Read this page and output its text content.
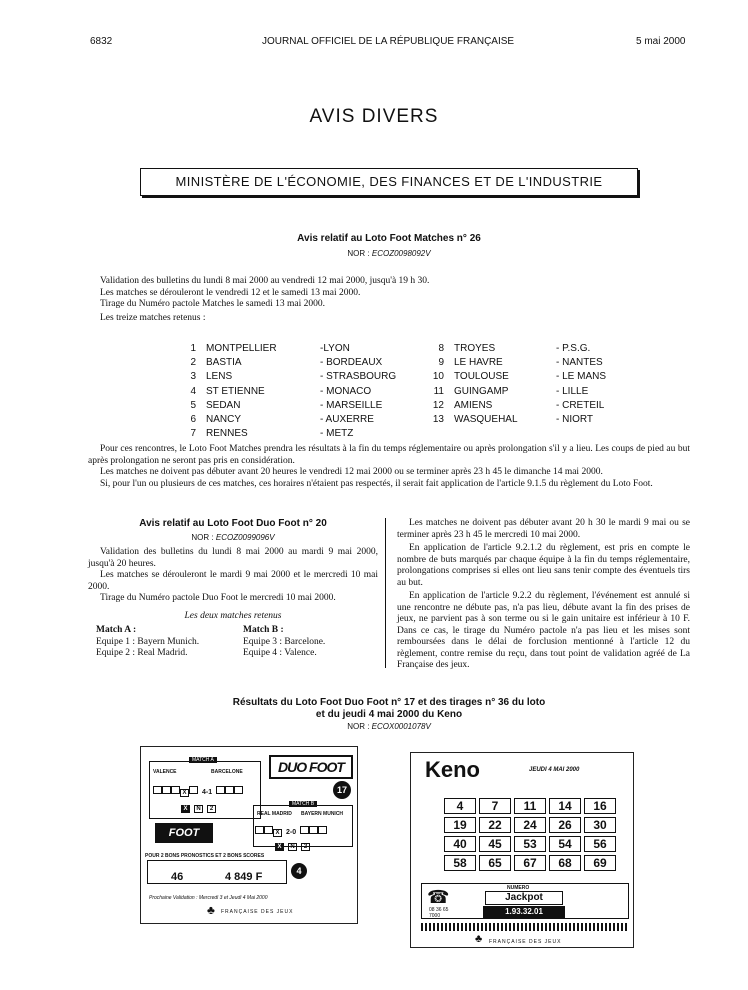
6832	JOURNAL OFFICIEL DE LA RÉPUBLIQUE FRANÇAISE	5 mai 2000
AVIS DIVERS
MINISTÈRE DE L'ÉCONOMIE, DES FINANCES ET DE L'INDUSTRIE
Avis relatif au Loto Foot Matches n° 26
NOR : ECOZ0098092V
Validation des bulletins du lundi 8 mai 2000 au vendredi 12 mai 2000, jusqu'à 19 h 30.
Les matches se dérouleront le vendredi 12 et le samedi 13 mai 2000.
Tirage du Numéro pactole Matches le samedi 13 mai 2000.
Les treize matches retenus :
1	MONTPELLIER	-LYON	8	TROYES	- P.S.G.
2	BASTIA	- BORDEAUX	9	LE HAVRE	- NANTES
3	LENS	- STRASBOURG	10	TOULOUSE	- LE MANS
4	ST ETIENNE	- MONACO	11	GUINGAMP	- LILLE
5	SEDAN	- MARSEILLE	12	AMIENS	- CRETEIL
6	NANCY	- AUXERRE	13	WASQUEHAL	- NIORT
7	RENNES	- METZ			
Pour ces rencontres, le Loto Foot Matches prendra les résultats à la fin du temps réglementaire ou après prolongation s'il y a lieu. Les coups de pied au but après prolongation ne seront pas pris en considération.
Les matches ne doivent pas débuter avant 20 heures le vendredi 12 mai 2000 ou se terminer après 23 h 45 le dimanche 14 mai 2000.
Si, pour l'un ou plusieurs de ces matches, ces horaires n'étaient pas respectés, il serait fait application de l'article 9.1.5 du règlement du Loto Foot.
Avis relatif au Loto Foot Duo Foot n° 20
NOR : ECOZ0099096V
Validation des bulletins du lundi 8 mai 2000 au mardi 9 mai 2000, jusqu'à 20 heures.
Les matches se dérouleront le mardi 9 mai 2000 et le mercredi 10 mai 2000.
Tirage du Numéro pactole Duo Foot le mercredi 10 mai 2000.
Les deux matches retenus
Match A :
Equipe 1 : Bayern Munich.
Equipe 2 : Real Madrid.
Match B :
Equipe 3 : Barcelone.
Equipe 4 : Valence.
Les matches ne doivent pas débuter avant 20 h 30 le mardi 9 mai ou se terminer après 23 h 45 le mercredi 10 mai 2000.
En application de l'article 9.2.1.2 du règlement, est pris en compte le nombre de buts marqués par chaque équipe à la fin du temps réglementaire, prolongations comprises si elles ont lieu sans tenir compte des éventuels tirs au but.
En application de l'article 9.2.2 du règlement, l'événement est annulé si une rencontre ne débute pas, n'a pas lieu, débute avant la fin des prises de jeux, ne parvient pas à son terme ou si le gain unitaire est inférieur à 10 F. Dans ce cas, le tirage du Numéro pactole n'a pas lieu et les mises sont remboursées dans le délai de forclusion mentionné à l'article 12 du règlement, contre remise du reçu, dans tout point de validation agréé de La Française des jeux.
Résultats du Loto Foot Duo Foot n° 17 et des tirages n° 36 du loto
et du jeudi 4 mai 2000 du Keno
NOR : ECOX0001078V
MATCH A
VALENCE	BARCELONE
X 4-1
X N 2
DUO FOOT
17
MATCH B
REAL MADRID BAYERN MUNICH
X 2-0
X N 2
FOOT
POUR 2 BONS PRONOSTICS ET 2 BONS SCORES
46	4 849 F	4
Prochaine Validation : Mercredi 3 et Jeudi 4 Mai 2000
FRANÇAISE DES JEUX
♣
Keno	JEUDI 4 MAI 2000
4	7	11	14	16
19	22	24	26	30
40	45	53	54	56
58	65	67	68	69
☎
08 36 65 7000
NUMERO
Jackpot
1.93.32.01
♣ FRANÇAISE DES JEUX
